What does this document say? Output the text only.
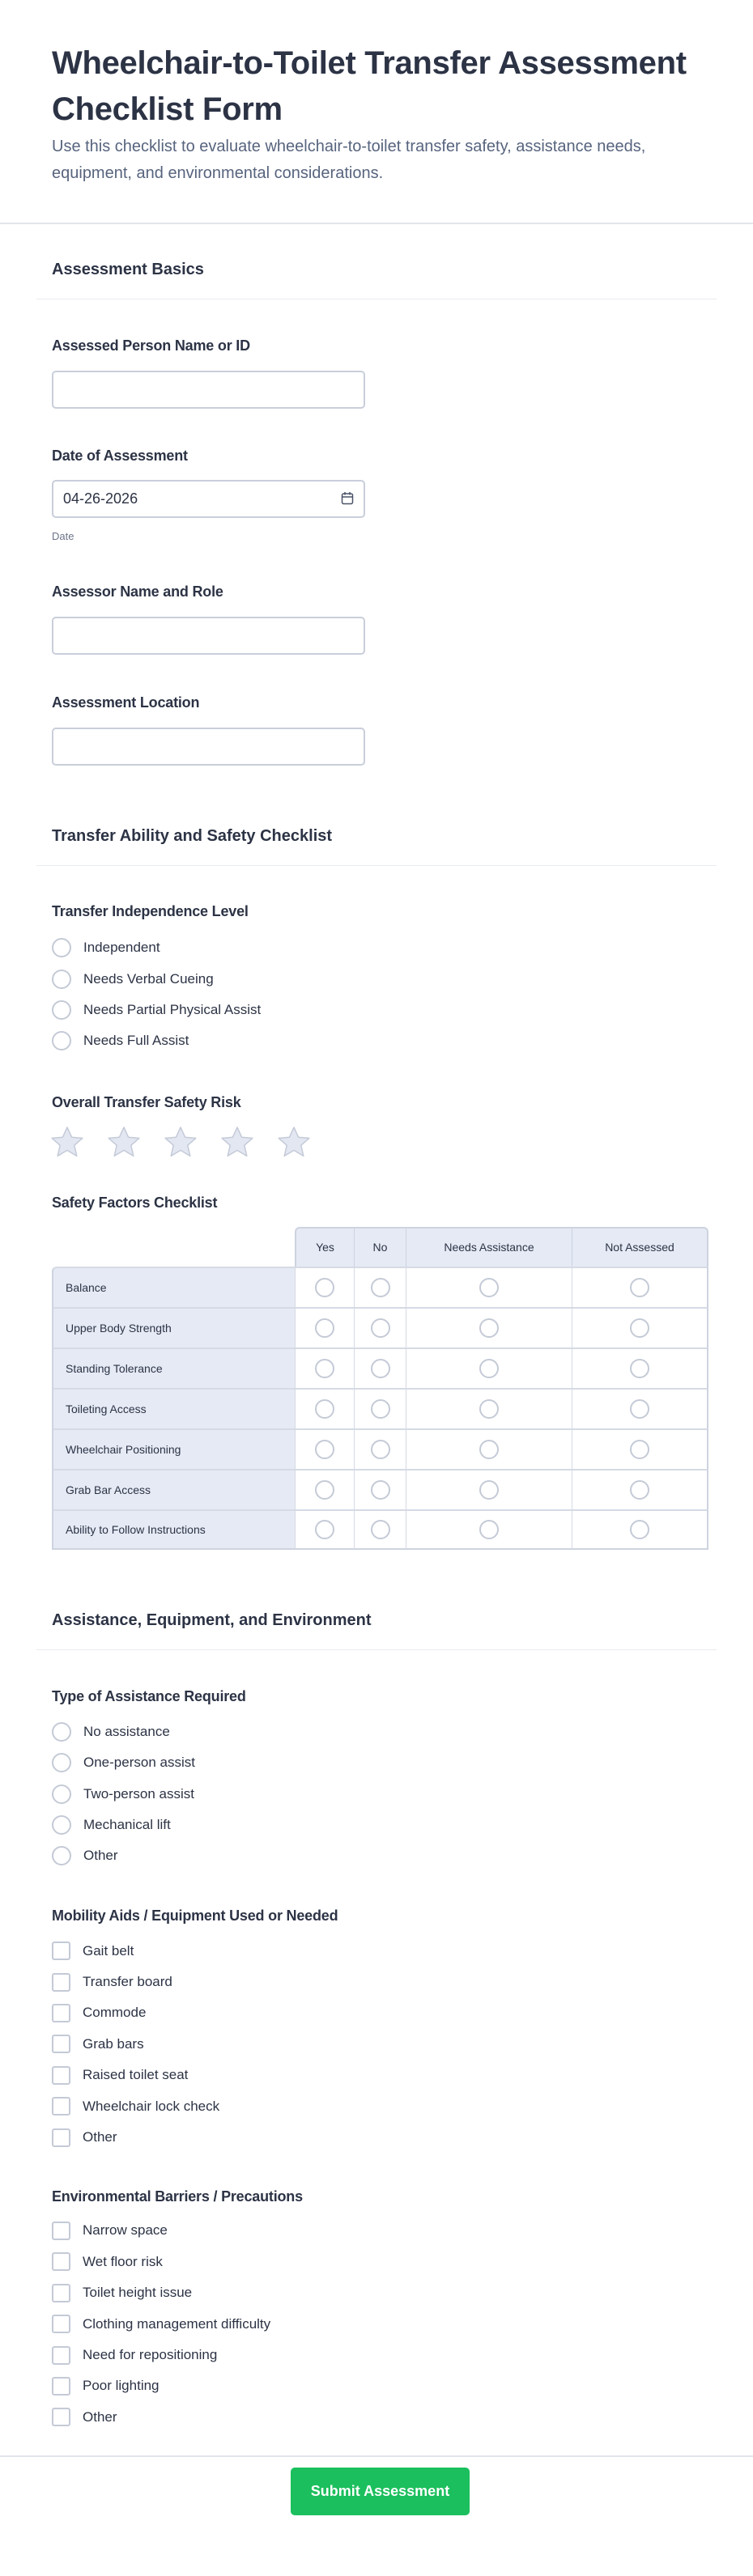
Wheelchair-to-Toilet Transfer Assessment Checklist Form
Use this checklist to evaluate wheelchair-to-toilet transfer safety, assistance needs, equipment, and environmental considerations.
Assessment Basics
Assessed Person Name or ID
Date of Assessment
04-26-2026
Date
Assessor Name and Role
Assessment Location
Transfer Ability and Safety Checklist
Transfer Independence Level
Independent
Needs Verbal Cueing
Needs Partial Physical Assist
Needs Full Assist
Overall Transfer Safety Risk
Safety Factors Checklist
	Yes	No	Needs Assistance	Not Assessed
Balance				
Upper Body Strength				
Standing Tolerance				
Toileting Access				
Wheelchair Positioning				
Grab Bar Access				
Ability to Follow Instructions				
Assistance, Equipment, and Environment
Type of Assistance Required
No assistance
One-person assist
Two-person assist
Mechanical lift
Other
Mobility Aids / Equipment Used or Needed
Gait belt
Transfer board
Commode
Grab bars
Raised toilet seat
Wheelchair lock check
Other
Environmental Barriers / Precautions
Narrow space
Wet floor risk
Toilet height issue
Clothing management difficulty
Need for repositioning
Poor lighting
Other
Submit Assessment
